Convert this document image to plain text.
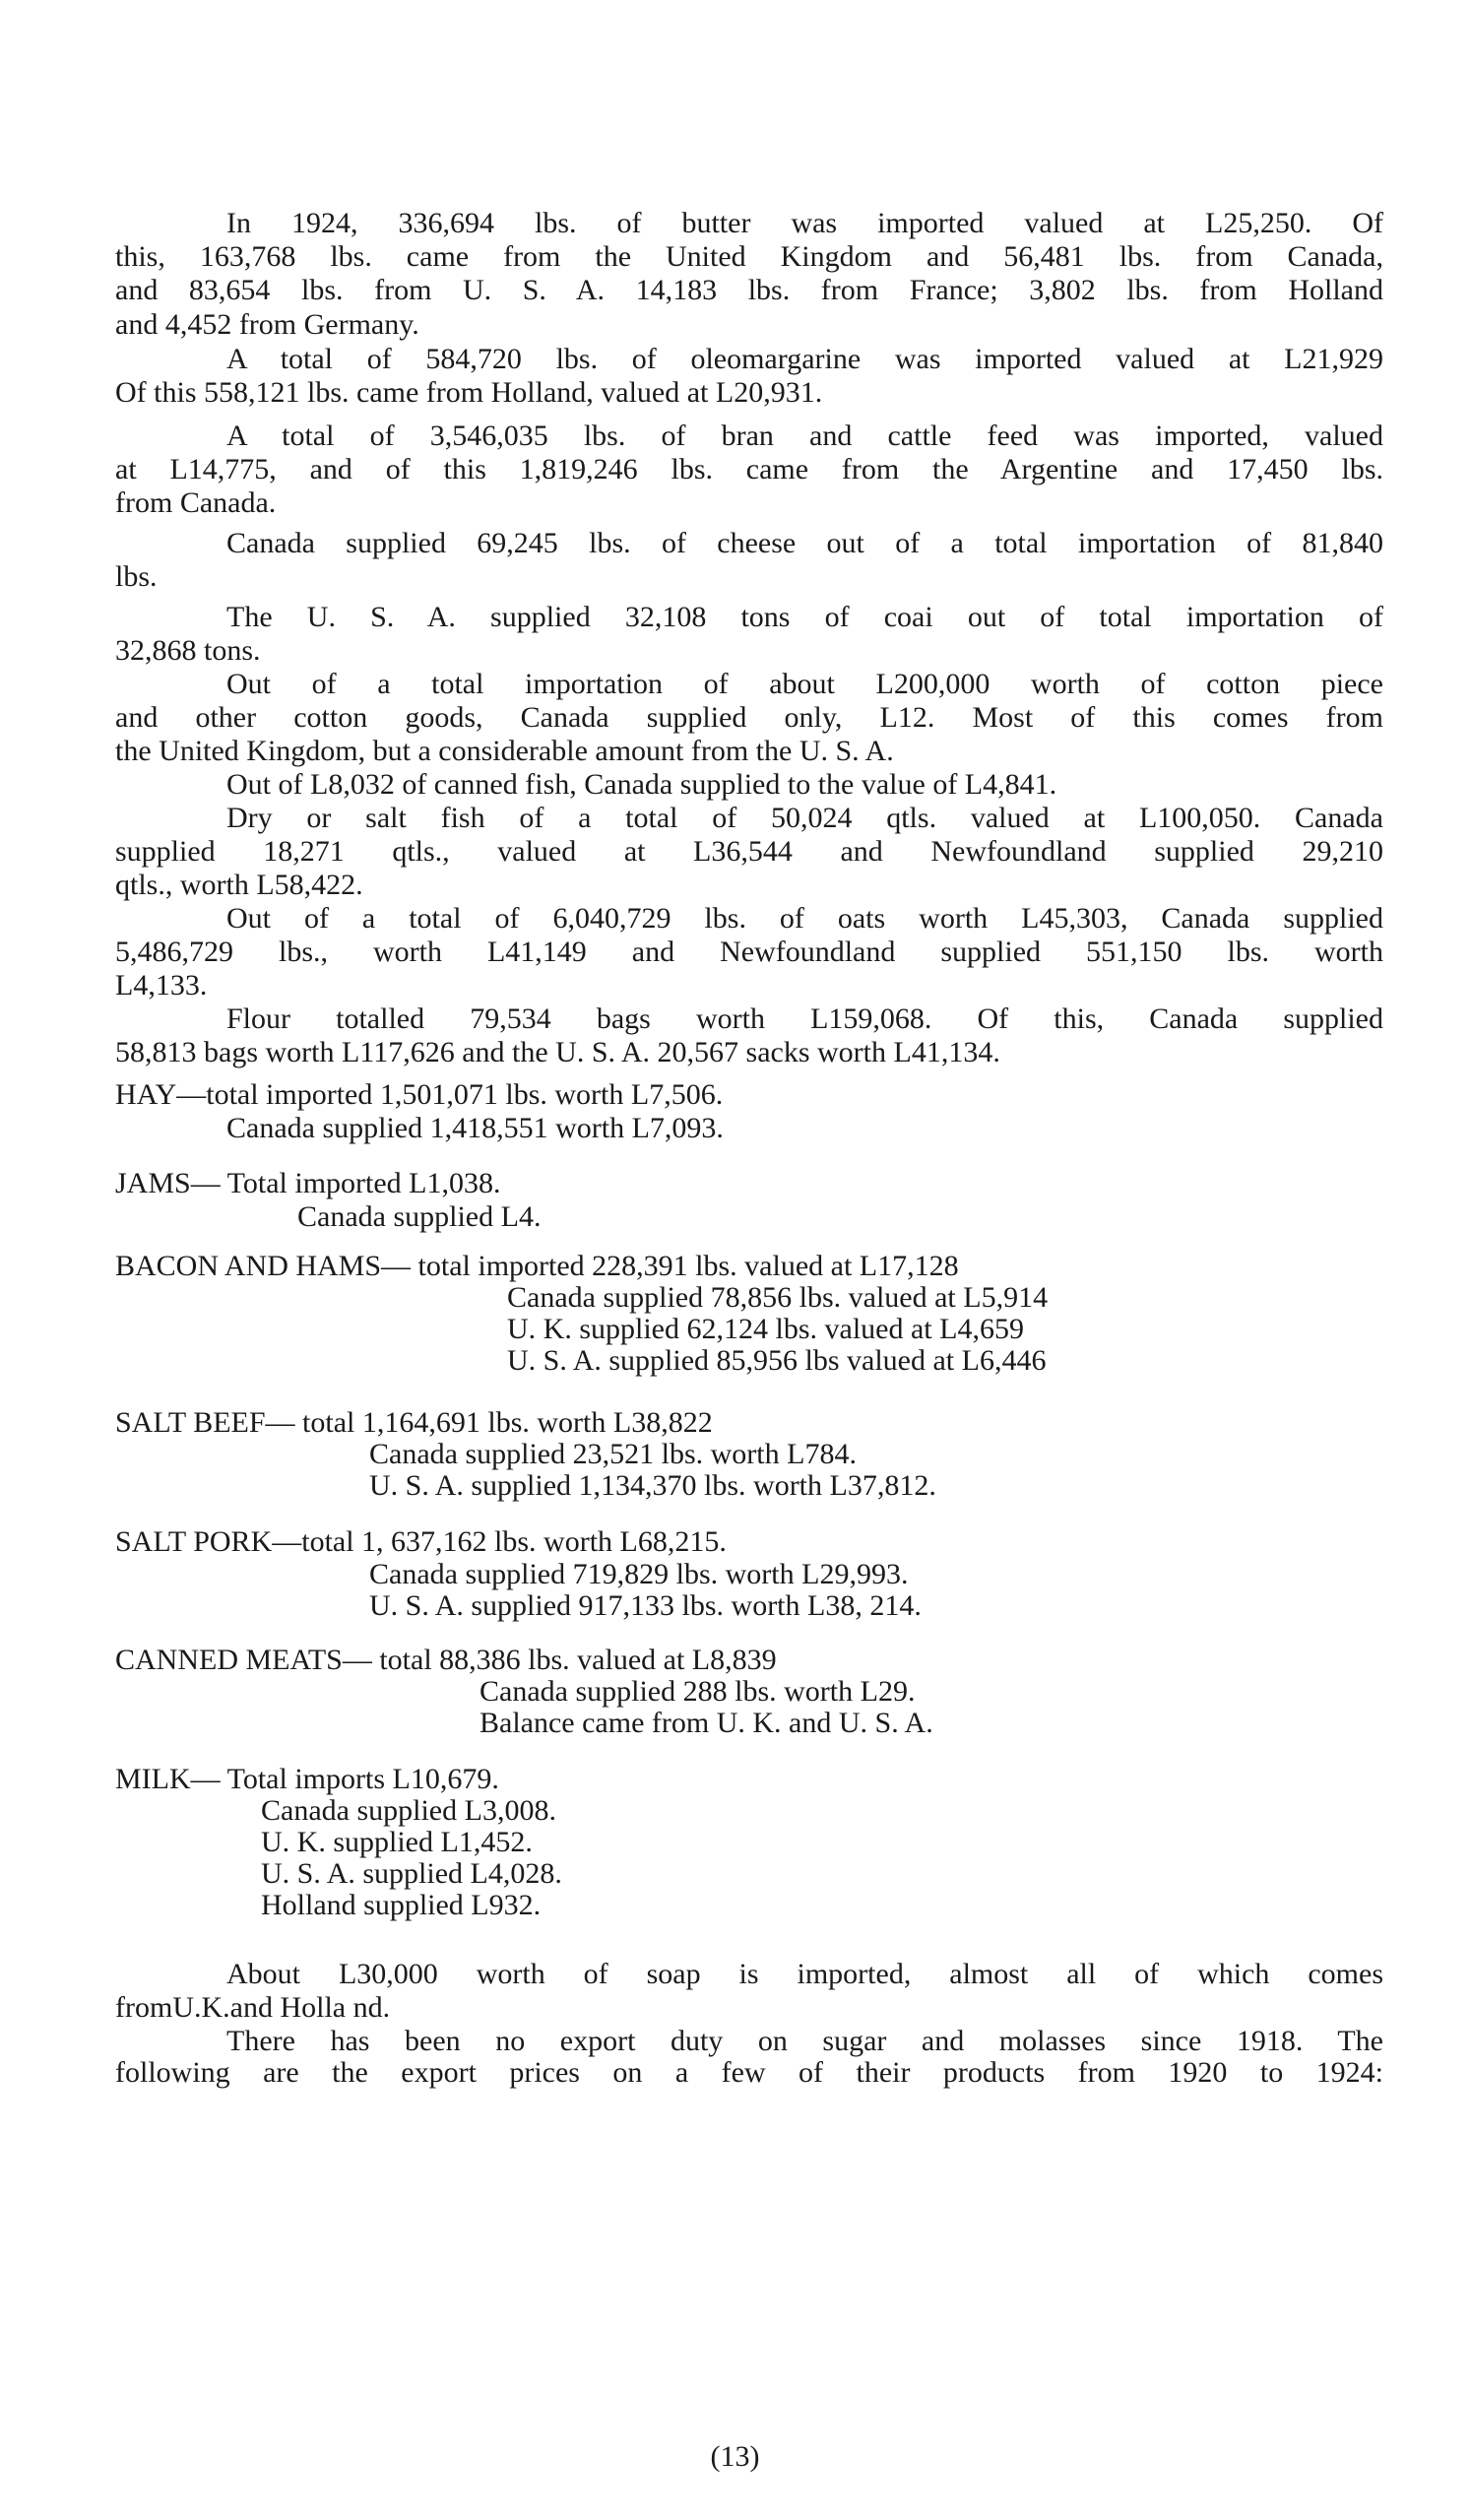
In 1924, 336,694 lbs. of butter was imported valued at L25,250. Of
this, 163,768 lbs. came from the United Kingdom and 56,481 lbs. from Canada,
and 83,654 lbs. from U. S. A. 14,183 lbs. from France; 3,802 lbs. from Holland
and 4,452 from Germany.
A total of 584,720 lbs. of oleomargarine was imported valued at L21,929
Of this 558,121 lbs. came from Holland, valued at L20,931.
A total of 3,546,035 lbs. of bran and cattle feed was imported, valued
at L14,775, and of this 1,819,246 lbs. came from the Argentine and 17,450 lbs.
from Canada.
Canada supplied 69,245 lbs. of cheese out of a total importation of 81,840
lbs.
The U. S. A. supplied 32,108 tons of coai out of total importation of
32,868 tons.
Out of a total importation of about L200,000 worth of cotton piece
and other cotton goods, Canada supplied only, L12. Most of this comes from
the United Kingdom, but a considerable amount from the U. S. A.
Out of L8,032 of canned fish, Canada supplied to the value of L4,841.
Dry or salt fish of a total of 50,024 qtls. valued at L100,050. Canada
supplied 18,271 qtls., valued at L36,544 and Newfoundland supplied 29,210
qtls., worth L58,422.
Out of a total of 6,040,729 lbs. of oats worth L45,303, Canada supplied
5,486,729 lbs., worth L41,149 and Newfoundland supplied 551,150 lbs. worth
L4,133.
Flour totalled 79,534 bags worth L159,068. Of this, Canada supplied
58,813 bags worth L117,626 and the U. S. A. 20,567 sacks worth L41,134.
HAY—total imported 1,501,071 lbs. worth L7,506.
Canada supplied 1,418,551 worth L7,093.
JAMS— Total imported L1,038.
Canada supplied L4.
BACON AND HAMS— total imported 228,391 lbs. valued at L17,128
Canada supplied 78,856 lbs. valued at L5,914
U. K. supplied 62,124 lbs. valued at L4,659
U. S. A. supplied 85,956 lbs valued at L6,446
SALT BEEF— total 1,164,691 lbs. worth L38,822
Canada supplied 23,521 lbs. worth L784.
U. S. A. supplied 1,134,370 lbs. worth L37,812.
SALT PORK—total 1, 637,162 lbs. worth L68,215.
Canada supplied 719,829 lbs. worth L29,993.
U. S. A. supplied 917,133 lbs. worth L38, 214.
CANNED MEATS— total 88,386 lbs. valued at L8,839
Canada supplied 288 lbs. worth L29.
Balance came from U. K. and U. S. A.
MILK— Total imports L10,679.
Canada supplied L3,008.
U. K. supplied L1,452.
U. S. A. supplied L4,028.
Holland supplied L932.
About L30,000 worth of soap is imported, almost all of which comes
fromU.K.and Holla nd.
There has been no export duty on sugar and molasses since 1918. The
following are the export prices on a few of their products from 1920 to 1924:
(13)
